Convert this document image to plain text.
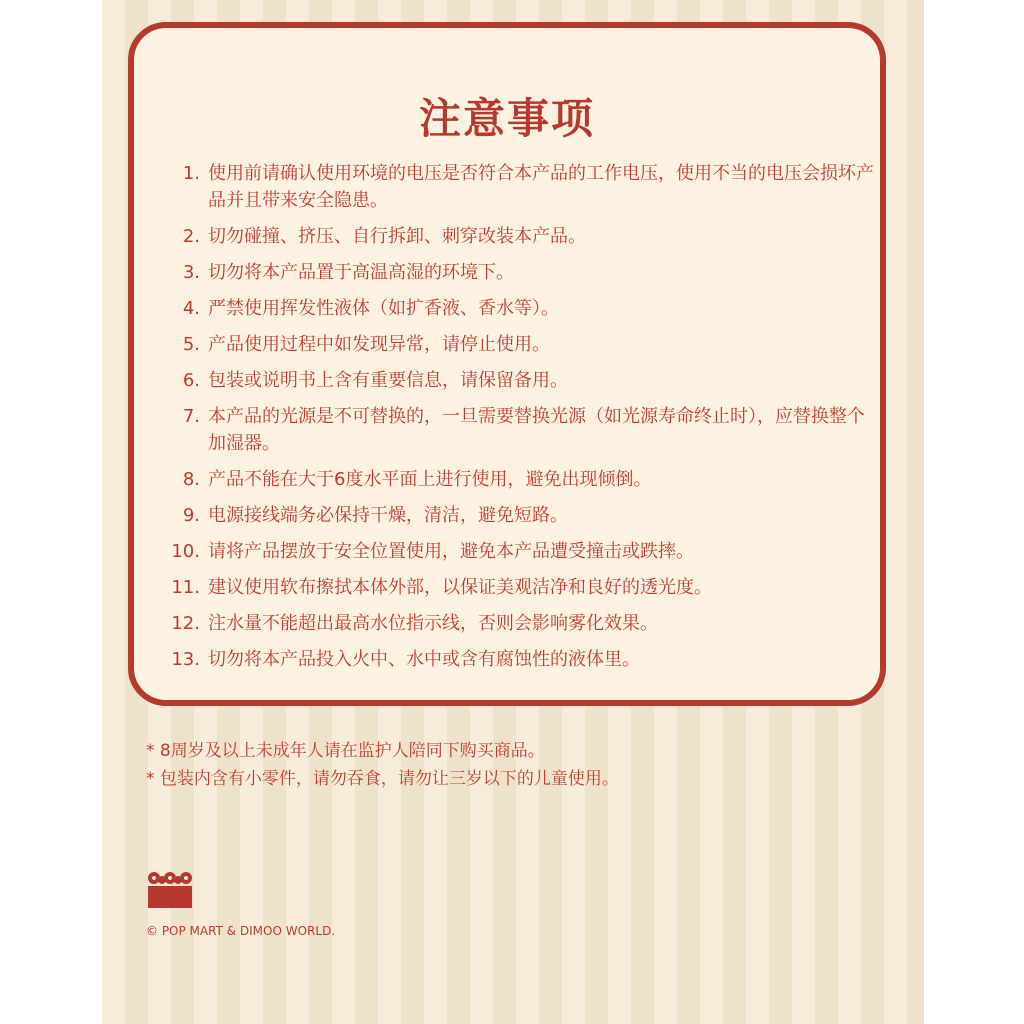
注意事项
1. 使用前请确认使用环境的电压是否符合本产品的工作电压，使用不当的电压会损坏产品并且带来安全隐患。
2. 切勿碰撞、挤压、自行拆卸、刺穿改装本产品。
3. 切勿将本产品置于高温高湿的环境下。
4. 严禁使用挥发性液体（如扩香液、香水等）。
5. 产品使用过程中如发现异常，请停止使用。
6. 包装或说明书上含有重要信息，请保留备用。
7. 本产品的光源是不可替换的，一旦需要替换光源（如光源寿命终止时），应替换整个加湿器。
8. 产品不能在大于6度水平面上进行使用，避免出现倾倒。
9. 电源接线端务必保持干燥，清洁，避免短路。
10. 请将产品摆放于安全位置使用，避免本产品遭受撞击或跌摔。
11. 建议使用软布擦拭本体外部，以保证美观洁净和良好的透光度。
12. 注水量不能超出最高水位指示线，否则会影响雾化效果。
13. 切勿将本产品投入火中、水中或含有腐蚀性的液体里。
* 8周岁及以上未成年人请在监护人陪同下购买商品。
* 包装内含有小零件，请勿吞食，请勿让三岁以下的儿童使用。
© POP MART & DIMOO WORLD.
